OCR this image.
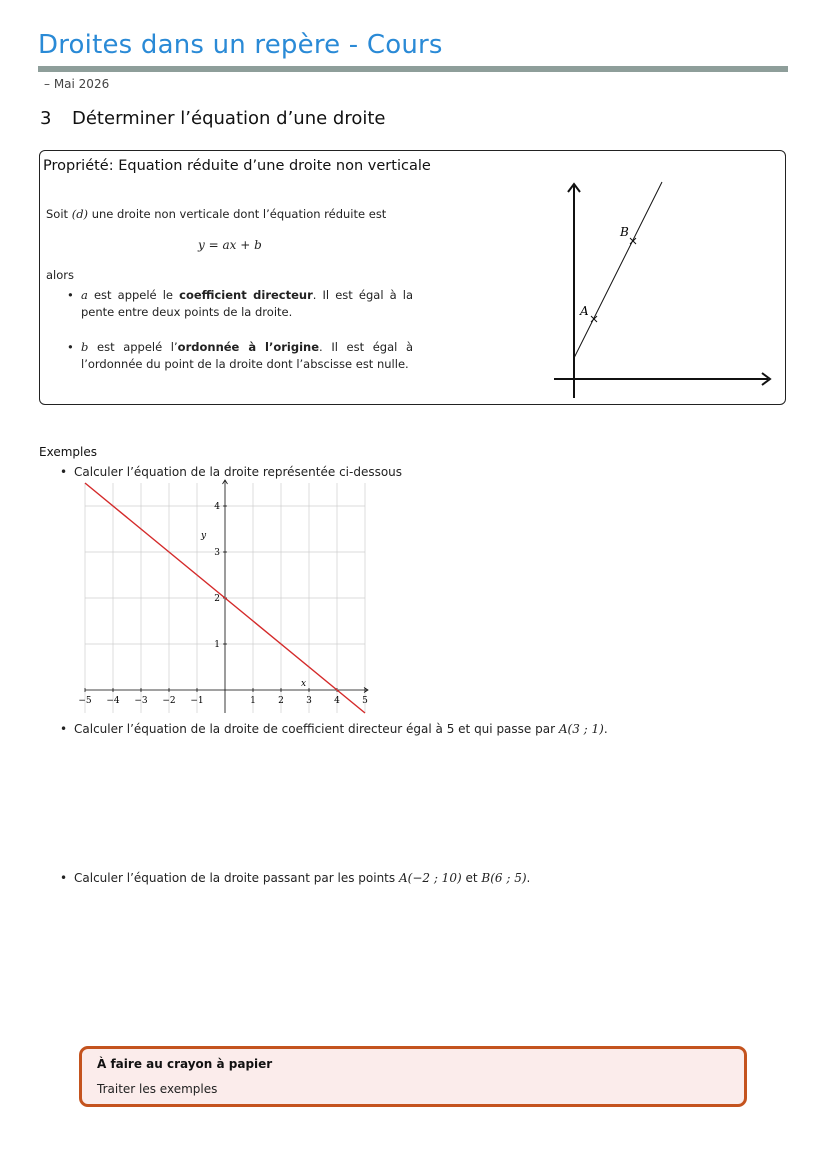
Droites dans un repère - Cours
– Mai 2026
3 Déterminer l’équation d’une droite
Propriété: Equation réduite d’une droite non verticale
Soit (d) une droite non verticale dont l’équation réduite est
y = ax + b
alors
• a est appelé le coefficient directeur. Il est égal à la pente entre deux points de la droite.
• b est appelé l’ordonnée à l’origine. Il est égal à l’ordonnée du point de la droite dont l’abscisse est nulle.
A
B
Exemples
• Calculer l’équation de la droite représentée ci-dessous
−5 −4 −3 −2 −1	1 2 3 4 5
1
2
3
4
x
y
• Calculer l’équation de la droite de coefficient directeur égal à 5 et qui passe par A(3 ; 1).
• Calculer l’équation de la droite passant par les points A(−2 ; 10) et B(6 ; 5).
À faire au crayon à papier
Traiter les exemples
